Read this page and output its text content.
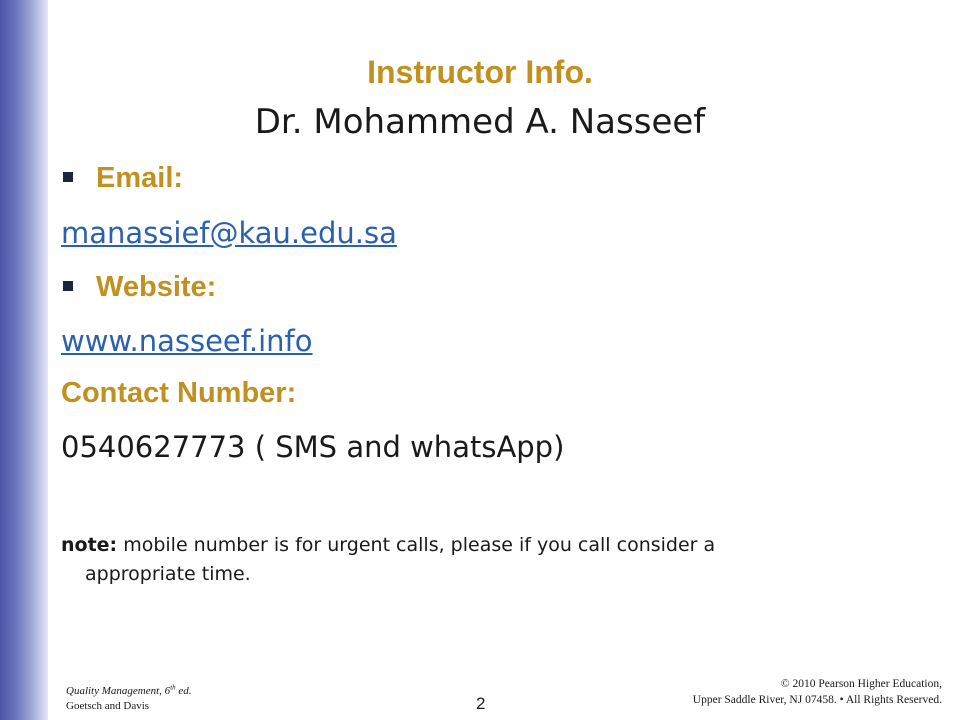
Instructor Info.
Dr. Mohammed A. Nasseef
Email:
manassief@kau.edu.sa
Website:
www.nasseef.info
Contact Number:
0540627773 ( SMS and whatsApp)
note: mobile number is for urgent calls, please if you call consider a
appropriate time.
Quality Management, 6th ed.
Goetsch and Davis	2
© 2010 Pearson Higher Education,
Upper Saddle River, NJ 07458. • All Rights Reserved.
